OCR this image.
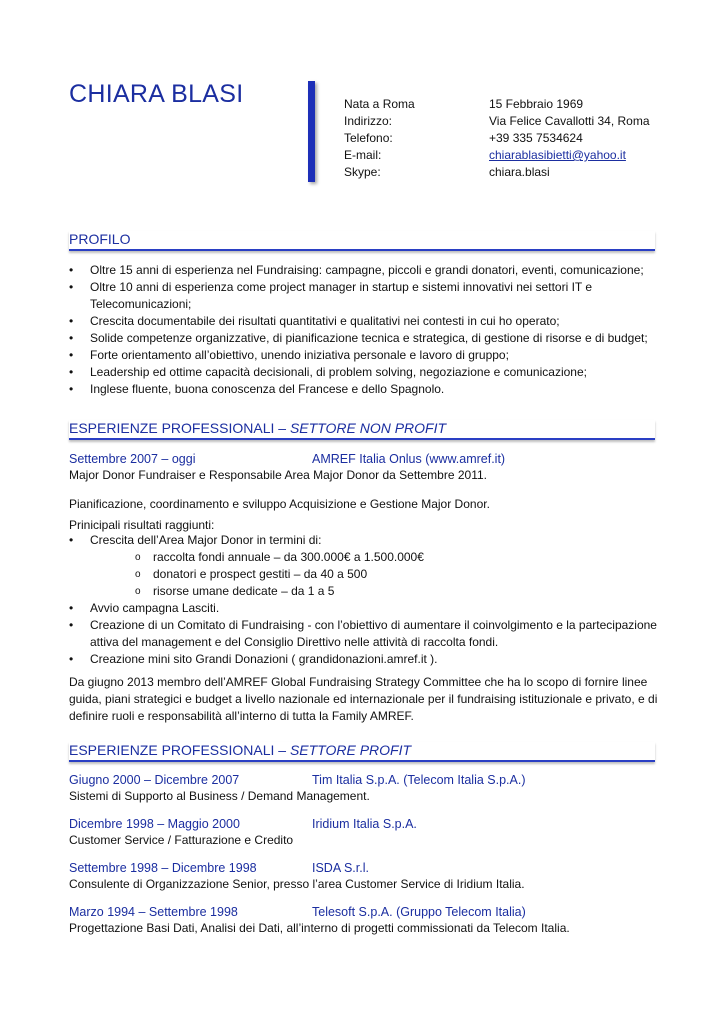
CHIARA BLASI	Nata a Roma	15 Febbraio 1969
Indirizzo:	Via Felice Cavallotti 34, Roma
Telefono:	+39 335 7534624
E-mail:	chiarablasibietti@yahoo.it
Skype:	chiara.blasi
PROFILO
• Oltre 15 anni di esperienza nel Fundraising: campagne, piccoli e grandi donatori, eventi, comunicazione;
• Oltre 10 anni di esperienza come project manager in startup e sistemi innovativi nei settori IT e Telecomunicazioni;
• Crescita documentabile dei risultati quantitativi e qualitativi nei contesti in cui ho operato;
• Solide competenze organizzative, di pianificazione tecnica e strategica, di gestione di risorse e di budget;
• Forte orientamento all’obiettivo, unendo iniziativa personale e lavoro di gruppo;
• Leadership ed ottime capacità decisionali, di problem solving, negoziazione e comunicazione;
• Inglese fluente, buona conoscenza del Francese e dello Spagnolo.
ESPERIENZE PROFESSIONALI – SETTORE NON PROFIT
Settembre 2007 – oggi	AMREF Italia Onlus (www.amref.it)
Major Donor Fundraiser e Responsabile Area Major Donor da Settembre 2011.
Pianificazione, coordinamento e sviluppo Acquisizione e Gestione Major Donor.
Prinicipali risultati raggiunti:
• Crescita dell’Area Major Donor in termini di:
o raccolta fondi annuale – da 300.000€ a 1.500.000€
o donatori e prospect gestiti – da 40 a 500
o risorse umane dedicate – da 1 a 5
• Avvio campagna Lasciti.
• Creazione di un Comitato di Fundraising - con l’obiettivo di aumentare il coinvolgimento e la partecipazione attiva del management e del Consiglio Direttivo nelle attività di raccolta fondi.
• Creazione mini sito Grandi Donazioni ( grandidonazioni.amref.it ).
Da giugno 2013 membro dell’AMREF Global Fundraising Strategy Committee che ha lo scopo di fornire linee guida, piani strategici e budget a livello nazionale ed internazionale per il fundraising istituzionale e privato, e di definire ruoli e responsabilità all’interno di tutta la Family AMREF.
ESPERIENZE PROFESSIONALI – SETTORE PROFIT
Giugno 2000 – Dicembre 2007	Tim Italia S.p.A. (Telecom Italia S.p.A.)
Sistemi di Supporto al Business / Demand Management.
Dicembre 1998 – Maggio 2000	Iridium Italia S.p.A.
Customer Service / Fatturazione e Credito
Settembre 1998 – Dicembre 1998	ISDA S.r.l.
Consulente di Organizzazione Senior, presso l’area Customer Service di Iridium Italia.
Marzo 1994 – Settembre 1998	Telesoft S.p.A. (Gruppo Telecom Italia)
Progettazione Basi Dati, Analisi dei Dati, all’interno di progetti commissionati da Telecom Italia.
